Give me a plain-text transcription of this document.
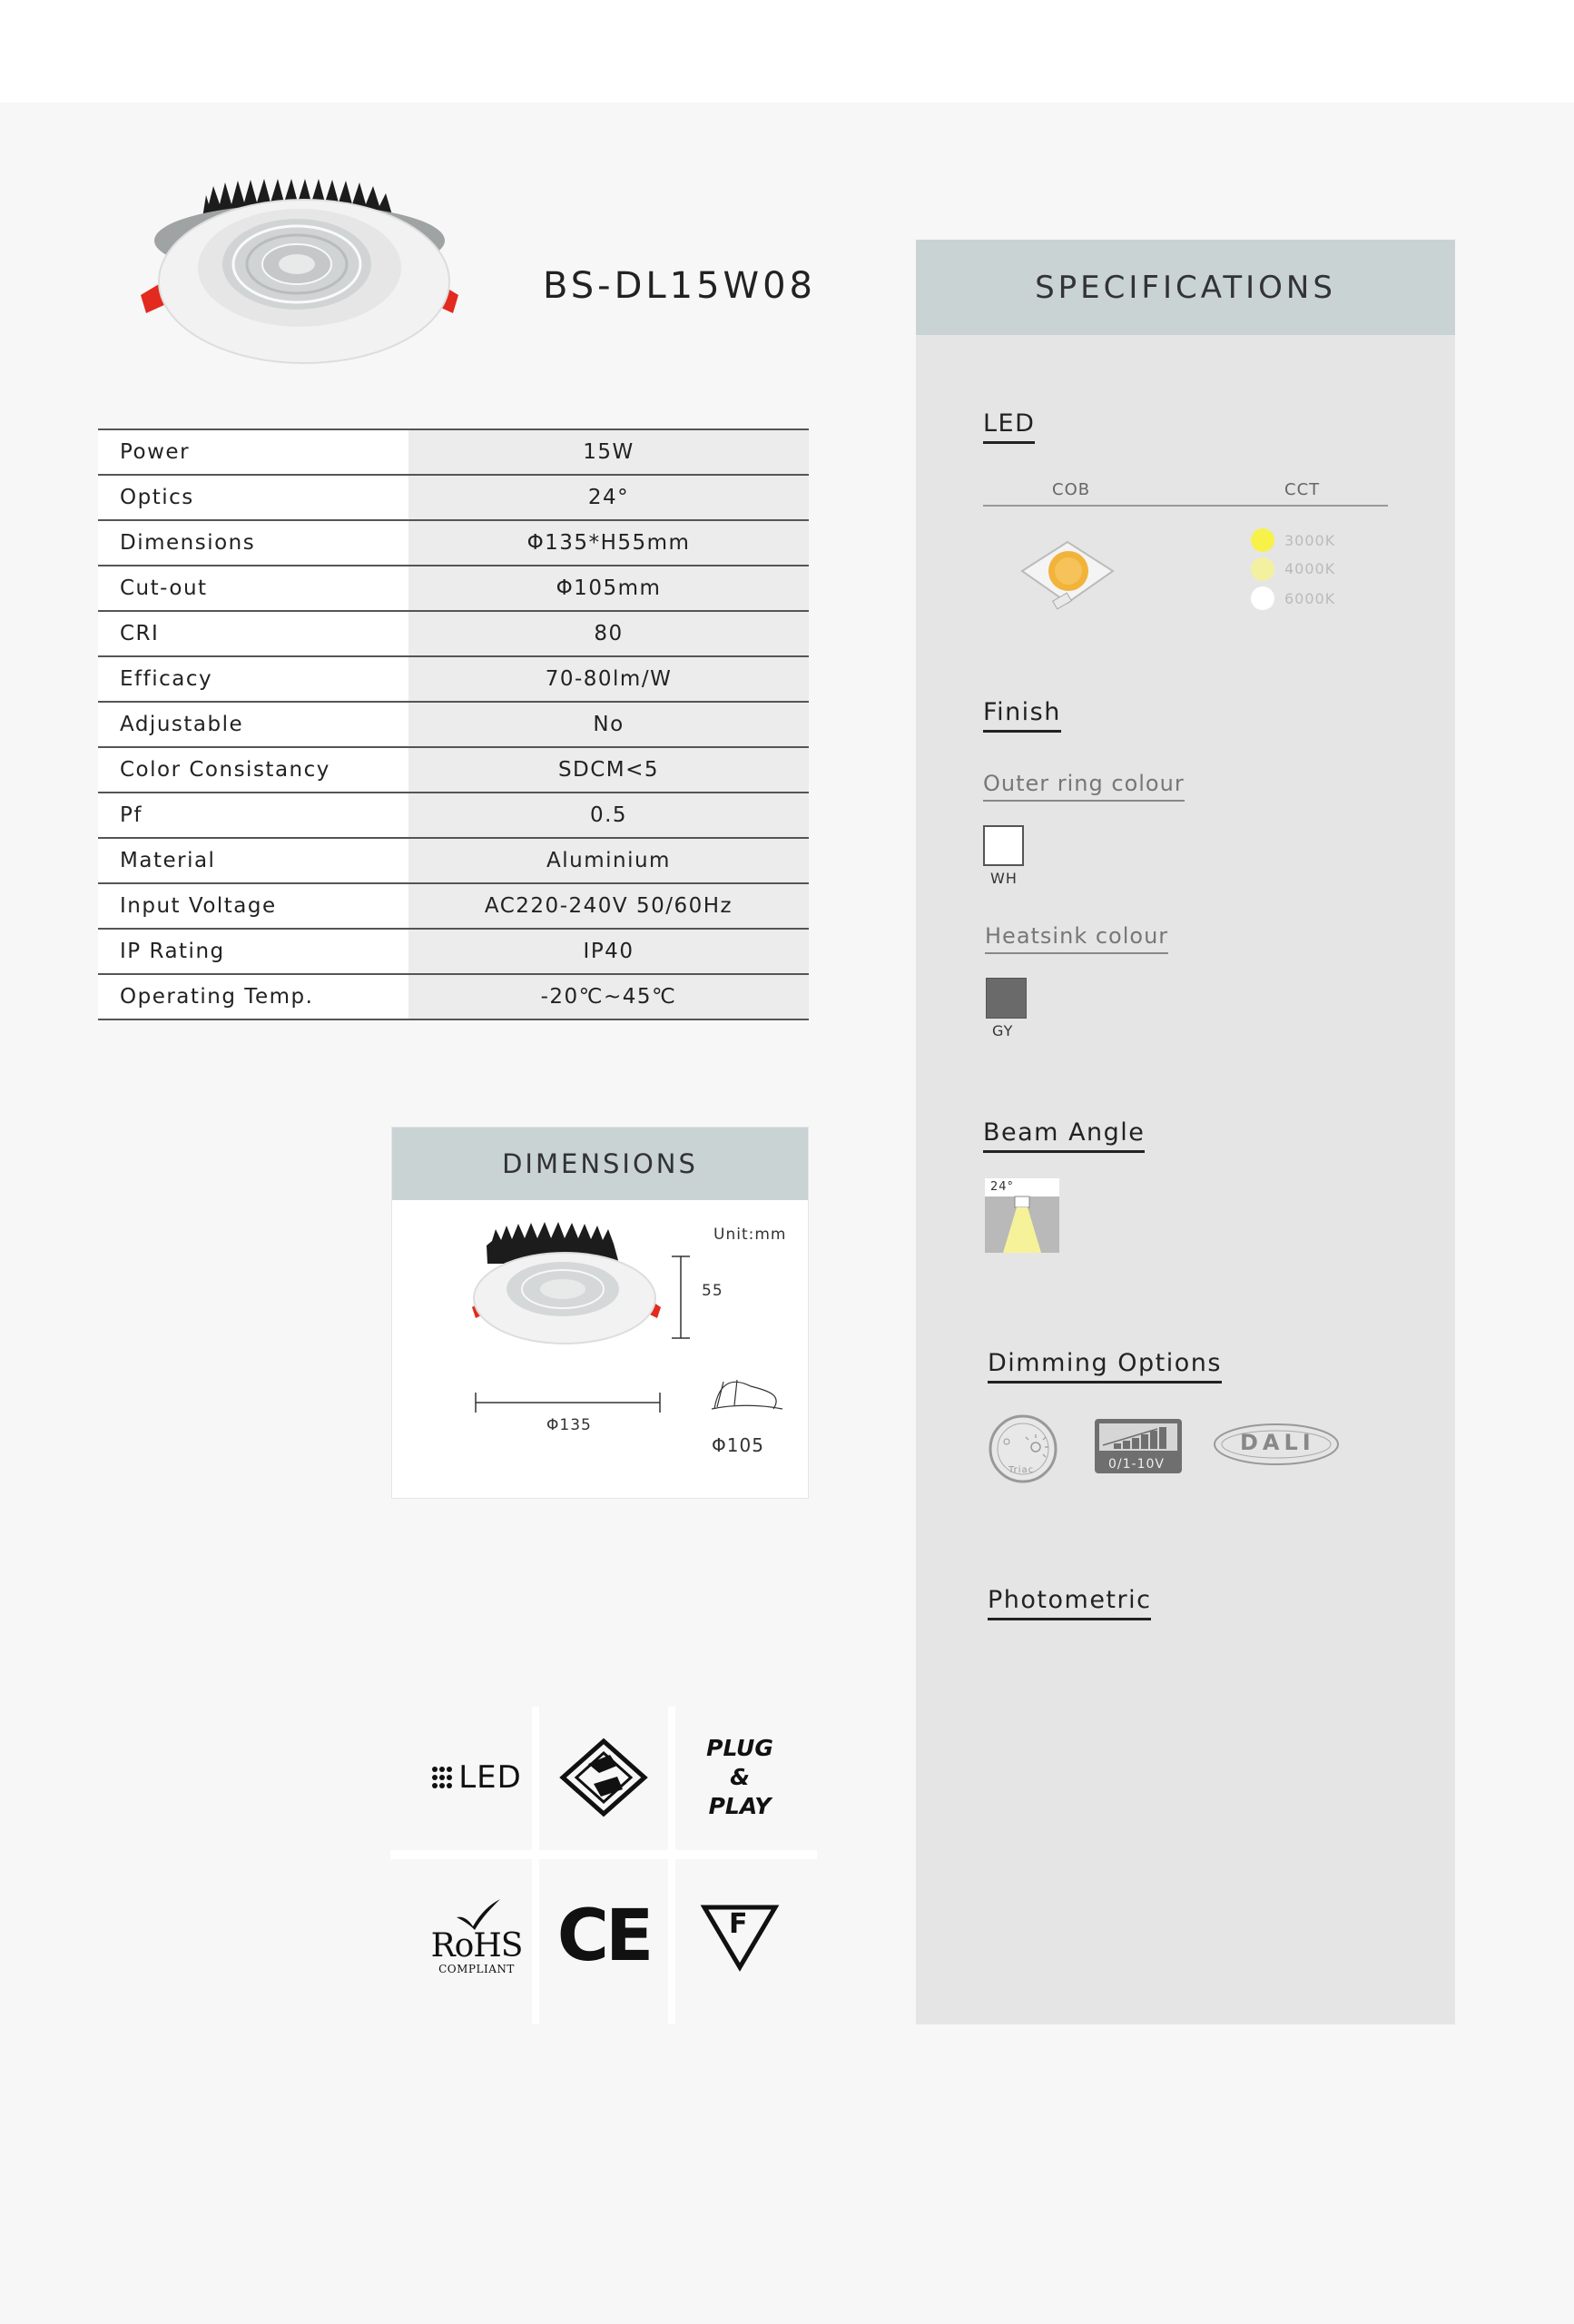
BS-DL15W08
Power	15W
Optics	24°
Dimensions	Φ135*H55mm
Cut-out	Φ105mm
CRI	80
Efficacy	70-80lm/W
Adjustable	No
Color Consistancy	SDCM<5
Pf	0.5
Material	Aluminium
Input Voltage	AC220-240V 50/60Hz
IP Rating	IP40
Operating Temp.	-20℃~45℃
DIMENSIONS
Unit:mm
55
Φ135
Φ105
LED
PLUG
&
PLAY
RoHS
COMPLIANT CE	F
SPECIFICATIONS
LED
COB	CCT
3000K
4000K
6000K
Finish
Outer ring colour
WH
Heatsink colour
GY
Beam Angle
24°
Dimming Options
Triac	0/1-10V
DALI
Photometric
